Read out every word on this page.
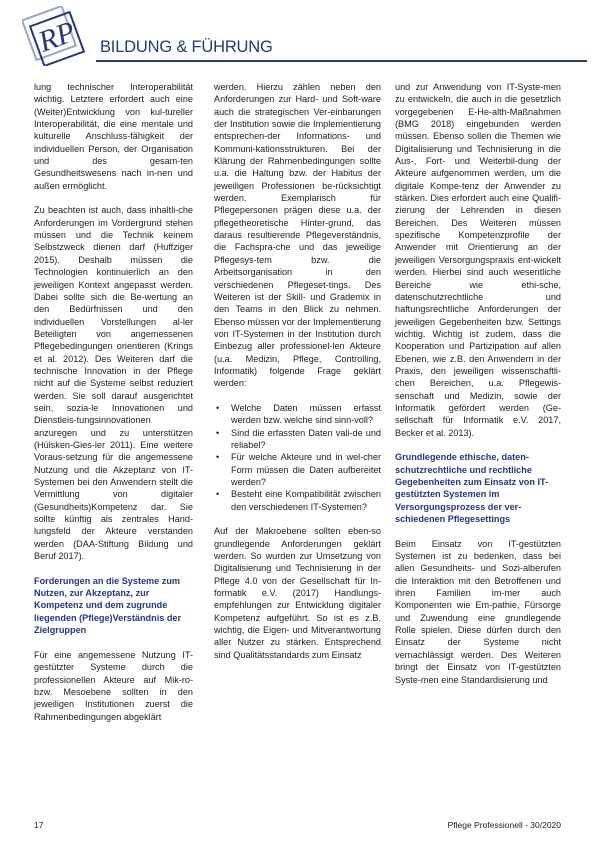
RP BILDUNG & FÜHRUNG

lung technischer Interoperabilität wichtig. Letztere erfordert auch eine (Weiter)Entwicklung von kul-tureller Interoperabilität, die eine mentale und kulturelle Anschluss-fähigkeit der individuellen Person, der Organisation und des gesam-ten Gesundheitswesens nach in-nen und außen ermöglicht.

Zu beachten ist auch, dass inhaltli-che Anforderungen im Vordergrund stehen müssen und die Technik keinem Selbstzweck dienen darf (Huffziger 2015). Deshalb müssen die Technologien kontinuierlich an den jeweiligen Kontext angepasst werden. Dabei sollte sich die Be-wertung an den Bedürfnissen und den individuellen Vorstellungen al-ler Beteiligten von angemessenen Pflegebedingungen orientieren (Krings et al. 2012). Des Weiteren darf die technische Innovation in der Pflege nicht auf die Systeme selbst reduziert werden. Sie soll darauf ausgerichtet sein, sozia-le Innovationen und Dienstleis-tungsinnovationen anzuregen und zu unterstützen (Hülsken-Gies-ler 2011). Eine weitere Voraus-setzung für die angemessene Nutzung und die Akzeptanz von IT-Systemen bei den Anwendern stellt die Vermittlung von digitaler (Gesundheits)Kompetenz dar. Sie sollte künftig als zentrales Hand-lungsfeld der Akteure verstanden werden (DAA-Stiftung Bildung und Beruf 2017).

Forderungen an die Systeme zum Nutzen, zur Akzeptanz, zur Kompetenz und dem zugrunde liegenden (Pflege)Verständnis der Zielgruppen

Für eine angemessene Nutzung IT-gestützter Systeme durch die professionellen Akteure auf Mik-ro- bzw. Mesoebene sollten in den jeweiligen Institutionen zuerst die Rahmenbedingungen abgeklärt

werden. Hierzu zählen neben den Anforderungen zur Hard- und Soft-ware auch die strategischen Ver-einbarungen der Institution sowie die Implementierung entsprechen-der Informations- und Kommuni-kationsstrukturen. Bei der Klärung der Rahmenbedingungen sollte u.a. die Haltung bzw. der Habitus der jeweiligen Professionen be-rücksichtigt werden. Exemplarisch für Pflegepersonen prägen diese u.a. der pflegetheoretische Hinter-grund, das daraus resultierende Pflegeverständnis, die Fachspra-che und das jeweilige Pflegesys-tem bzw. die Arbeitsorganisation in den verschiedenen Pflegeset-tings. Des Weiteren ist der Skill- und Grademix in den Teams in den Blick zu nehmen. Ebenso müssen vor der Implementierung von IT-Systemen in der Institution durch Einbezug aller professionel-len Akteure (u.a. Medizin, Pflege, Controlling, Informatik) folgende Frage geklärt werden:

• Welche Daten müssen erfasst werden bzw. welche sind sinn-voll?
• Sind die erfassten Daten vali-de und reliabel?
• Für welche Akteure und in wel-cher Form müssen die Daten aufbereitet werden?
• Besteht eine Kompatibilität zwischen den verschiedenen IT-Systemen?

Auf der Makroebene sollten eben-so grundlegende Anforderungen geklärt werden. So wurden zur Umsetzung von Digitalisierung und Technisierung in der Pflege 4.0 von der Gesellschaft für In-formatik e.V. (2017) Handlungs-empfehlungen zur Entwicklung digitaler Kompetenz aufgeführt. So ist es z.B. wichtig, die Eigen- und Mitverantwortung aller Nutzer zu stärken. Entsprechend sind Qualitätsstandards zum Einsatz

und zur Anwendung von IT-Syste-men zu entwickeln, die auch in die gesetzlich vorgegebenen E-He-alth-Maßnahmen (BMG 2018) eingebunden werden müssen. Ebenso sollen die Themen wie Digitalisierung und Technisierung in die Aus-, Fort- und Weiterbil-dung der Akteure aufgenommen werden, um die digitale Kompe-tenz der Anwender zu stärken. Dies erfordert auch eine Qualifi-zierung der Lehrenden in diesen Bereichen. Des Weiteren müssen spezifische Kompetenzprofile der Anwender mit Orientierung an der jeweiligen Versorgungspraxis ent-wickelt werden. Hierbei sind auch wesentliche Bereiche wie ethi-sche, datenschutzrechtliche und haftungsrechtliche Anforderungen der jeweiligen Gegebenheiten bzw. Settings wichtig. Wichtig ist zudem, dass die Kooperation und Partizipation auf allen Ebenen, wie z.B. den Anwendern in der Praxis, den jeweiligen wissenschaftli-chen Bereichen, u.a. Pflegewis-senschaft und Medizin, sowie der Informatik gefördert werden (Ge-sellschaft für Informatik e.V. 2017, Becker et al. 2013).

Grundlegende ethische, daten-schutzrechtliche und rechtliche Gegebenheiten zum Einsatz von IT-gestützten Systemen im Versorgungsprozess der ver-schiedenen Pflegesettings

Beim Einsatz von IT-gestützten Systemen ist zu bedenken, dass bei allen Gesundheits- und Sozi-alberufen die Interaktion mit den Betroffenen und ihren Familien im-mer auch Komponenten wie Em-pathie, Fürsorge und Zuwendung eine grundlegende Rolle spielen. Diese dürfen durch den Einsatz der Systeme nicht vernachlässigt werden. Des Weiteren bringt der Einsatz von IT-gestützten Syste-men eine Standardisierung und

17	Pflege Professionell - 30/2020
